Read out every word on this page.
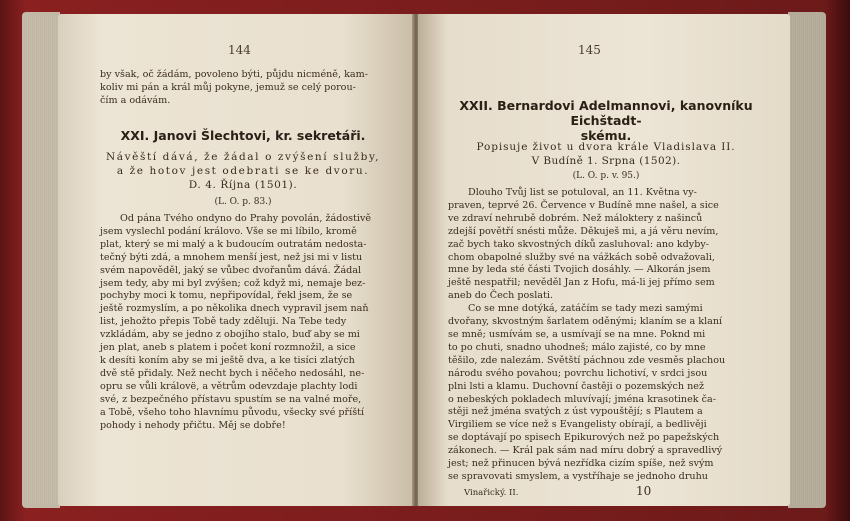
144

by však, oč žádám, povoleno býti, půjdu nicméně, kam-

koliv mi pán a král můj pokyne, jemuž se celý porou-

čím a odávám.

XXI. Janovi Šlechtovi, kr. sekretáři.
Návěští dává, že žádal o zvýšení služby,
a že hotov jest odebrati se ke dvoru.
D. 4. Října (1501).
(L. O. p. 83.)

Od pána Tvého ondyno do Prahy povolán, žádostivě

jsem vyslechl podání královo. Vše se mi líbilo, kromě

plat, který se mi malý a k budoucím outratám nedosta-

tečný býti zdá, a mnohem menší jest, než jsi mi v listu

svém napověděl, jaký se vůbec dvořanům dává. Žádal

jsem tedy, aby mi byl zvýšen; což když mi, nemaje bez-

pochyby moci k tomu, nepřipovídal, řekl jsem, že se

ještě rozmyslím, a po několika dnech vypravil jsem naň

list, jehožto přepis Tobě tady zděluji. Na Tebe tedy

vzkládám, aby se jedno z obojího stalo, buď aby se mi

jen plat, aneb s platem i počet koní rozmnožil, a sice

k desíti koním aby se mi ještě dva, a ke tisíci zlatých

dvě stě přidaly. Než necht bych i něčeho nedosáhl, ne-

opru se vůli královë, a větrům odevzdaje plachty lodi

své, z bezpečného přístavu spustím se na valné moře,

a Tobě, všeho toho hlavnímu původu, všecky své příští

pohody i nehody přičtu. Měj se dobře!

145
XXII. Bernardovi Adelmannovi, kanovníku Eichštadt-
skému.
Popisuje život u dvora krále Vladislava II.
V Budíně 1. Srpna (1502).
(L. O. p. v. 95.)

Dlouho Tvůj list se potuloval, an 11. Května vy-

praven, teprvé 26. Července v Budíně mne našel, a sice

ve zdraví nehrubě dobrém. Než máloktery z našinců

zdejší povětří snésti může. Děkuješ mi, a já věru nevím,

zač bych tako skvostných díků zasluhoval: ano kdyby-

chom obapolné služby své na vážkách sobě odvažovali,

mne by leda sté části Tvojich dosáhly. — Alkorán jsem

ještě nespatřil; nevěděl Jan z Hofu, má-li jej přímo sem

aneb do Čech poslati.

Co se mne dotýká, zatáčím se tady mezi samými

dvořany, skvostným šarlatem oděnými; klaním se a klaní

se mně; usmívám se, a usmívají se na mne. Poknd mi

to po chuti, snadno uhodneš; málo zajisté, co by mne

těšilo, zde nalezám. Světští páchnou zde vesměs plachou

národu svého povahou; povrchu lichotiví, v srdci jsou

plni lsti a klamu. Duchovní častěji o pozemských než

o nebeských pokladech mluvívají; jména krasotinek ča-

stěji než jména svatých z úst vypouštějí; s Plautem a

Virgiliem se více než s Evangelisty obírají, a bedlivěji

se doptávají po spisech Epikurových než po papežských

zákonech. — Král pak sám nad míru dobrý a spravedlivý

jest; než přinucen bývá nezřídka cizím spíše, než svým

se spravovati smyslem, a vystříhaje se jednoho druhu

Vinařický. II.	10
